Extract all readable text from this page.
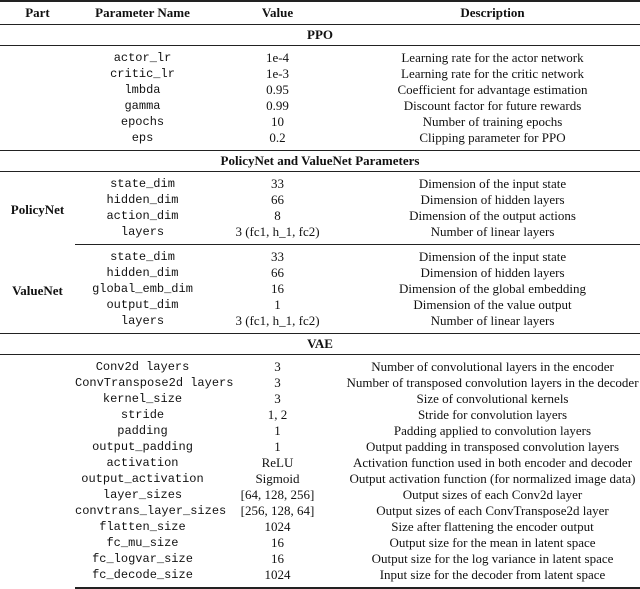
Part	Parameter Name	Value	Description
PPO			
	actor_lr	1e-4	Learning rate for the actor network
	critic_lr	1e-3	Learning rate for the critic network
	lmbda	0.95	Coefficient for advantage estimation
	gamma	0.99	Discount factor for future rewards
	epochs	10	Number of training epochs
	eps	0.2	Clipping parameter for PPO
PolicyNet and ValueNet Parameters			
PolicyNet	state_dim	33	Dimension of the input state
	hidden_dim	66	Dimension of hidden layers
	action_dim	8	Dimension of the output actions
	layers	3 (fc1, h_1, fc2)	Number of linear layers
ValueNet	state_dim	33	Dimension of the input state
	hidden_dim	66	Dimension of hidden layers
	global_emb_dim	16	Dimension of the global embedding
	output_dim	1	Dimension of the value output
	layers	3 (fc1, h_1, fc2)	Number of linear layers
VAE			
	Conv2d layers	3	Number of convolutional layers in the encoder
	ConvTranspose2d layers	3	Number of transposed convolution layers in the decoder
	kernel_size	3	Size of convolutional kernels
	stride	1, 2	Stride for convolution layers
	padding	1	Padding applied to convolution layers
	output_padding	1	Output padding in transposed convolution layers
	activation	ReLU	Activation function used in both encoder and decoder
	output_activation	Sigmoid	Output activation function (for normalized image data)
	layer_sizes	[64, 128, 256]	Output sizes of each Conv2d layer
	convtrans_layer_sizes	[256, 128, 64]	Output sizes of each ConvTranspose2d layer
	flatten_size	1024	Size after flattening the encoder output
	fc_mu_size	16	Output size for the mean in latent space
	fc_logvar_size	16	Output size for the log variance in latent space
	fc_decode_size	1024	Input size for the decoder from latent space
